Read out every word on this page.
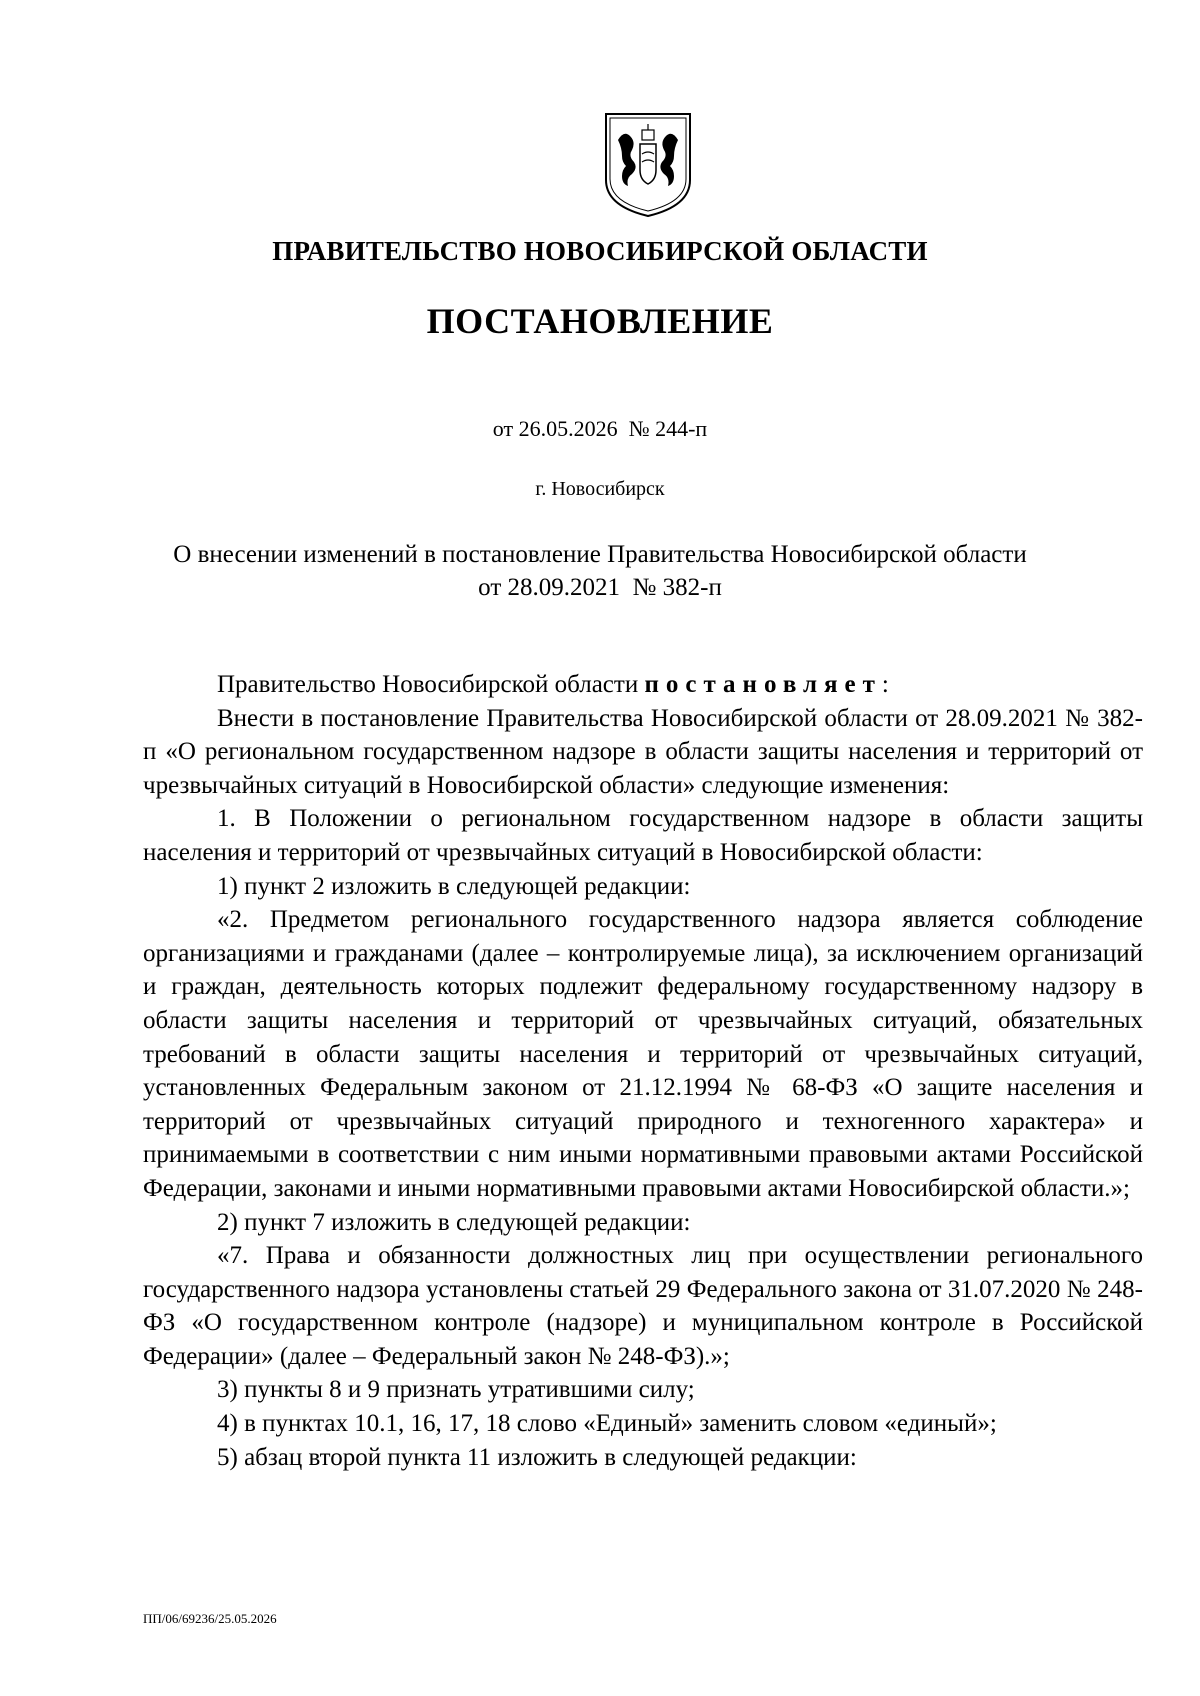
ПРАВИТЕЛЬСТВО НОВОСИБИРСКОЙ ОБЛАСТИ
ПОСТАНОВЛЕНИЕ
от 26.05.2026  № 244-п
г. Новосибирск
О внесении изменений в постановление Правительства Новосибирской области
от 28.09.2021  № 382-п

Правительство Новосибирской области постановляет:

Внести в постановление Правительства Новосибирской области от 28.09.2021 № 382-п «О региональном государственном надзоре в области защиты населения и территорий от чрезвычайных ситуаций в Новосибирской области» следующие изменения:

1. В Положении о региональном государственном надзоре в области защиты населения и территорий от чрезвычайных ситуаций в Новосибирской области:

1) пункт 2 изложить в следующей редакции:

«2. Предметом регионального государственного надзора является соблюдение организациями и гражданами (далее – контролируемые лица), за исключением организаций и граждан, деятельность которых подлежит федеральному государственному надзору в области защиты населения и территорий от чрезвычайных ситуаций, обязательных требований в области защиты населения и территорий от чрезвычайных ситуаций, установленных Федеральным законом от 21.12.1994 № 68-ФЗ «О защите населения и территорий от чрезвычайных ситуаций природного и техногенного характера» и принимаемыми в соответствии с ним иными нормативными правовыми актами Российской Федерации, законами и иными нормативными правовыми актами Новосибирской области.»;

2) пункт 7 изложить в следующей редакции:

«7. Права и обязанности должностных лиц при осуществлении регионального государственного надзора установлены статьей 29 Федерального закона от 31.07.2020 № 248-ФЗ «О государственном контроле (надзоре) и муниципальном контроле в Российской Федерации» (далее – Федеральный закон № 248-ФЗ).»;

3) пункты 8 и 9 признать утратившими силу;

4) в пунктах 10.1, 16, 17, 18 слово «Единый» заменить словом «единый»;

5) абзац второй пункта 11 изложить в следующей редакции:

ПП/06/69236/25.05.2026
